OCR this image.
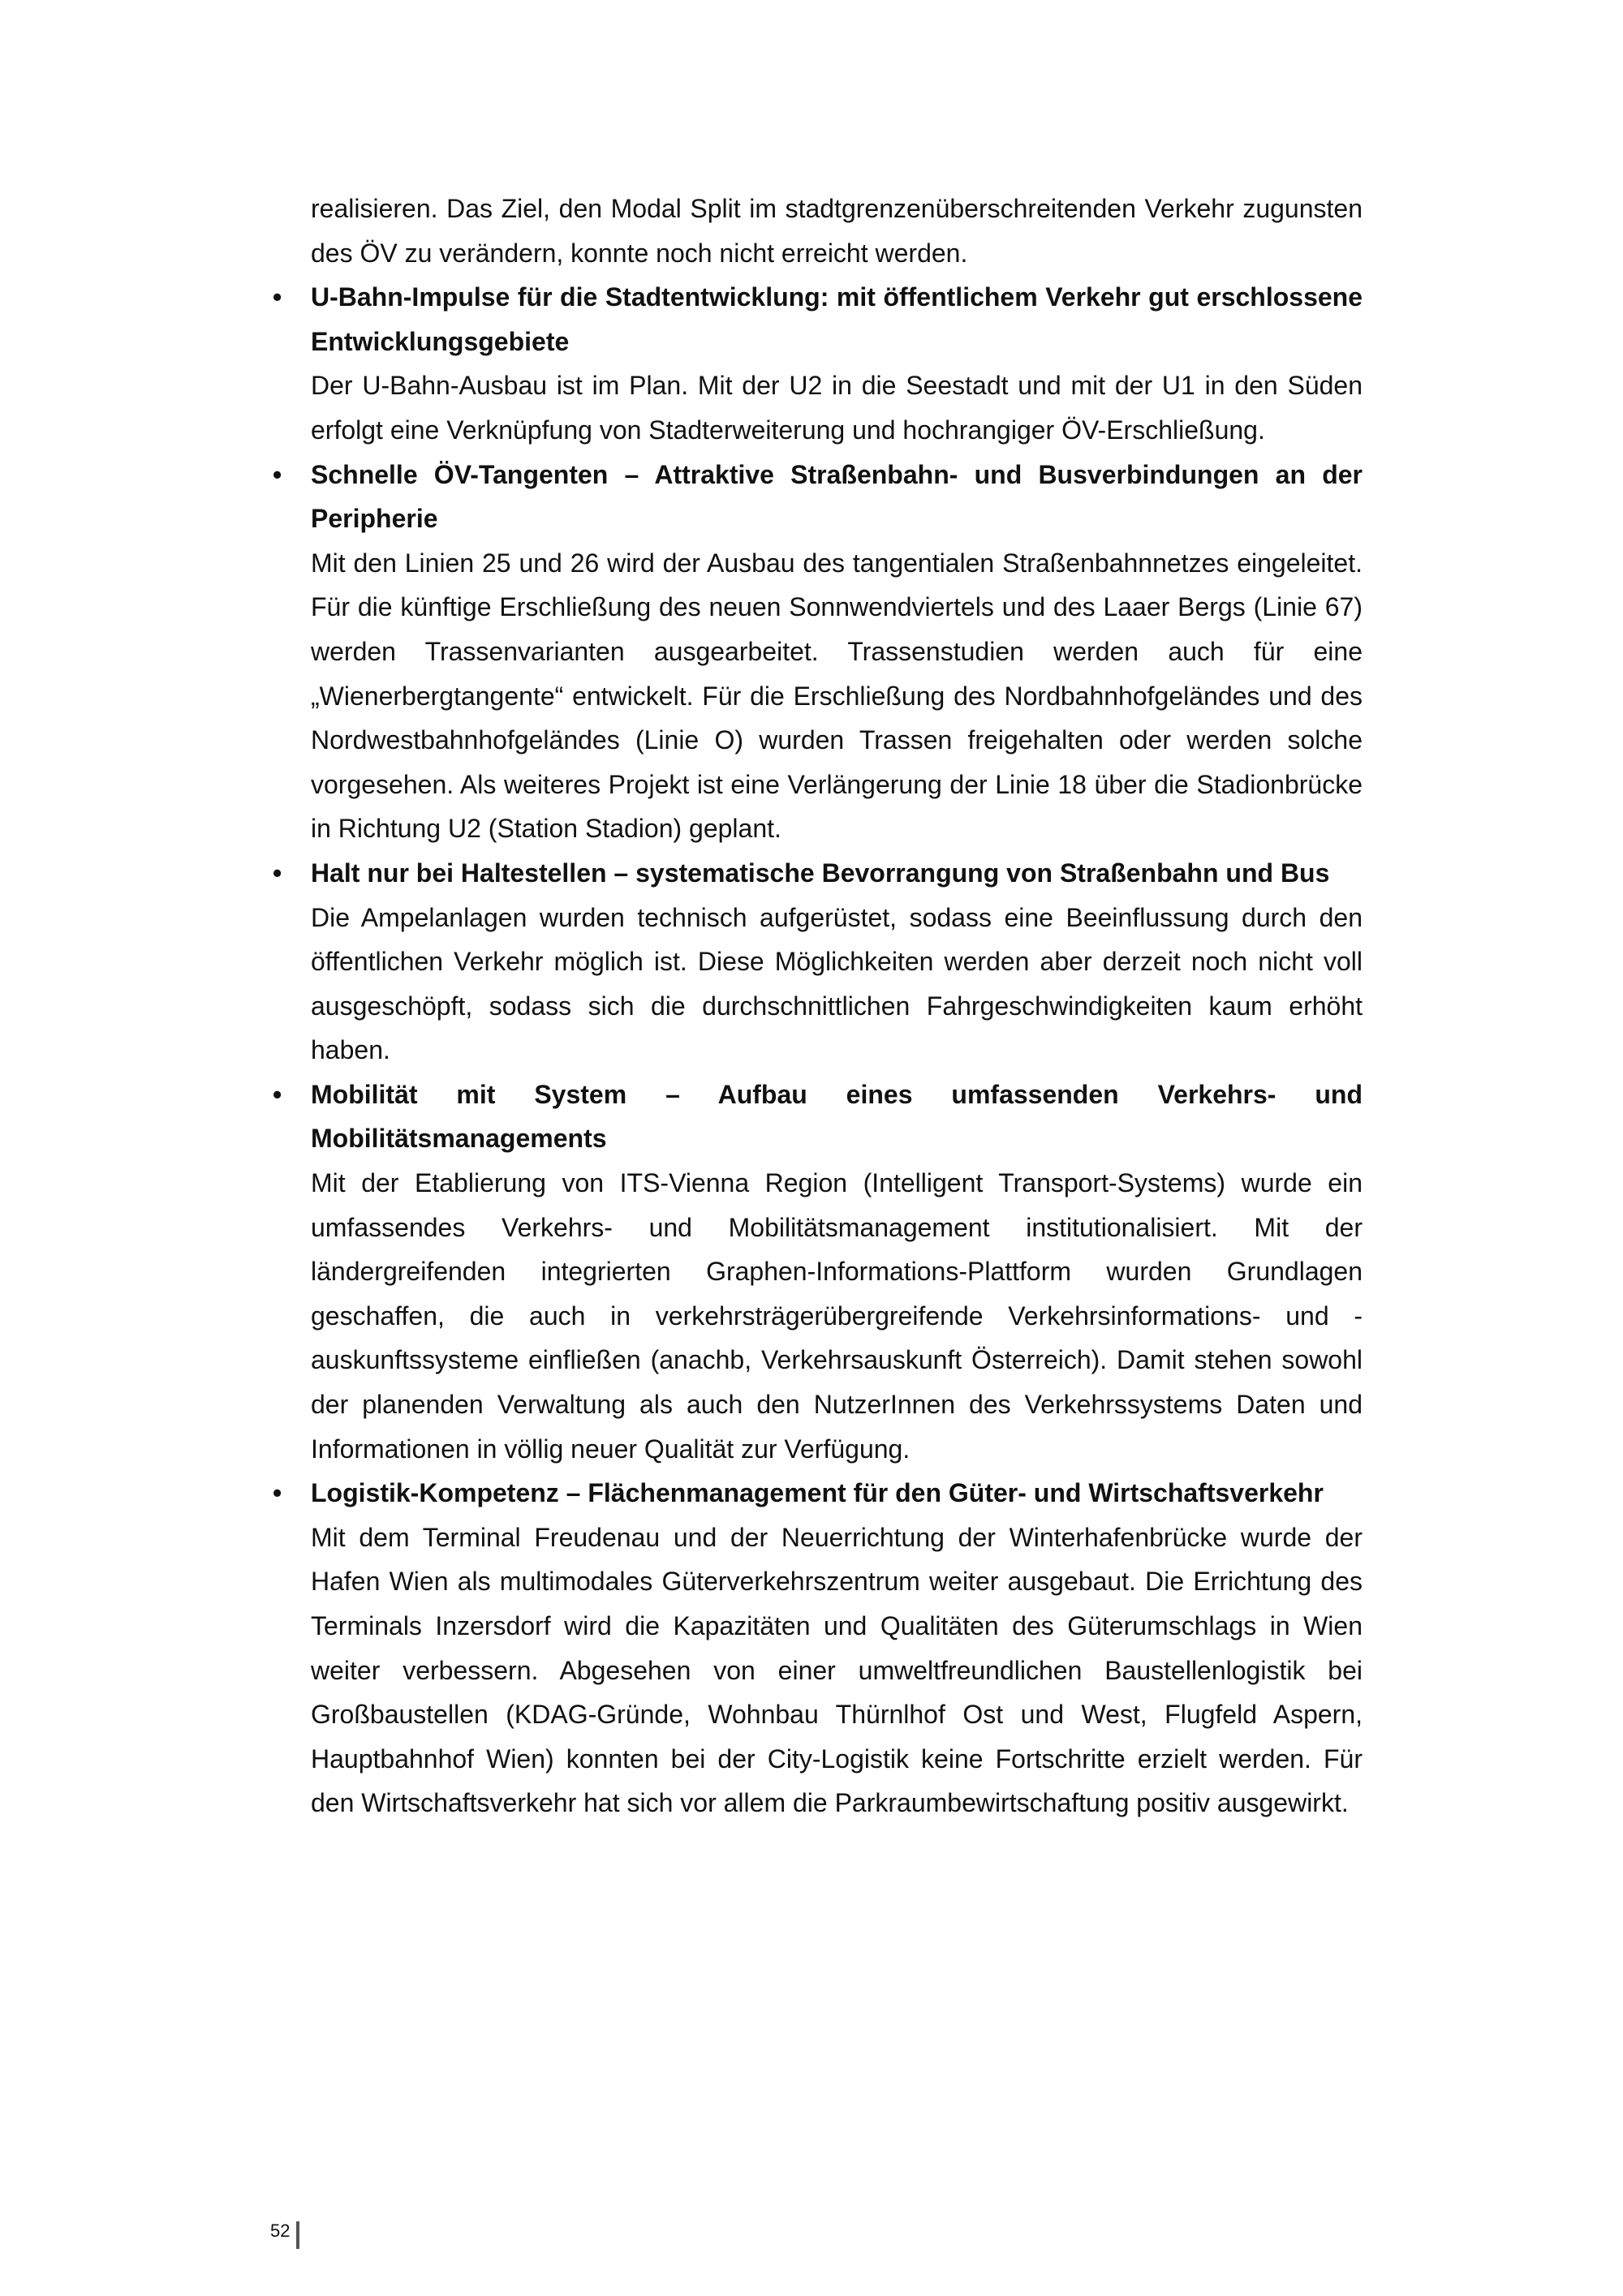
realisieren. Das Ziel, den Modal Split im stadtgrenzenüberschreitenden Verkehr zugunsten des ÖV zu verändern, konnte noch nicht erreicht werden.

• U-Bahn-Impulse für die Stadtentwicklung: mit öffentlichem Verkehr gut erschlossene Entwicklungsgebiete

Der U-Bahn-Ausbau ist im Plan. Mit der U2 in die Seestadt und mit der U1 in den Süden erfolgt eine Verknüpfung von Stadterweiterung und hochrangiger ÖV-Erschließung.

• Schnelle ÖV-Tangenten – Attraktive Straßenbahn- und Busverbindungen an der Peripherie

Mit den Linien 25 und 26 wird der Ausbau des tangentialen Straßenbahnnetzes eingeleitet. Für die künftige Erschließung des neuen Sonnwendviertels und des Laaer Bergs (Linie 67) werden Trassenvarianten ausgearbeitet. Trassenstudien werden auch für eine „Wienerbergtangente“ entwickelt. Für die Erschließung des Nordbahnhofgeländes und des Nordwestbahnhofgeländes (Linie O) wurden Trassen freigehalten oder werden solche vorgesehen. Als weiteres Projekt ist eine Verlängerung der Linie 18 über die Stadionbrücke in Richtung U2 (Station Stadion) geplant.

• Halt nur bei Haltestellen – systematische Bevorrangung von Straßenbahn und Bus

Die Ampelanlagen wurden technisch aufgerüstet, sodass eine Beeinflussung durch den öffentlichen Verkehr möglich ist. Diese Möglichkeiten werden aber derzeit noch nicht voll ausgeschöpft, sodass sich die durchschnittlichen Fahrgeschwindigkeiten kaum erhöht haben.

• Mobilität mit System – Aufbau eines umfassenden Verkehrs- und Mobilitätsmanagements

Mit der Etablierung von ITS-Vienna Region (Intelligent Transport-Systems) wurde ein umfassendes Verkehrs- und Mobilitätsmanagement institutionalisiert. Mit der ländergreifenden integrierten Graphen-Informations-Plattform wurden Grundlagen geschaffen, die auch in verkehrsträgerübergreifende Verkehrsinformations- und -auskunftssysteme einfließen (anachb, Verkehrsauskunft Österreich). Damit stehen sowohl der planenden Verwaltung als auch den NutzerInnen des Verkehrssystems Daten und Informationen in völlig neuer Qualität zur Verfügung.

• Logistik-Kompetenz – Flächenmanagement für den Güter- und Wirtschaftsverkehr

Mit dem Terminal Freudenau und der Neuerrichtung der Winterhafenbrücke wurde der Hafen Wien als multimodales Güterverkehrszentrum weiter ausgebaut. Die Errichtung des Terminals Inzersdorf wird die Kapazitäten und Qualitäten des Güterumschlags in Wien weiter verbessern. Abgesehen von einer umweltfreundlichen Baustellenlogistik bei Großbaustellen (KDAG-Gründe, Wohnbau Thürnlhof Ost und West, Flugfeld Aspern, Hauptbahnhof Wien) konnten bei der City-Logistik keine Fortschritte erzielt werden. Für den Wirtschaftsverkehr hat sich vor allem die Parkraumbewirtschaftung positiv ausgewirkt.

52
